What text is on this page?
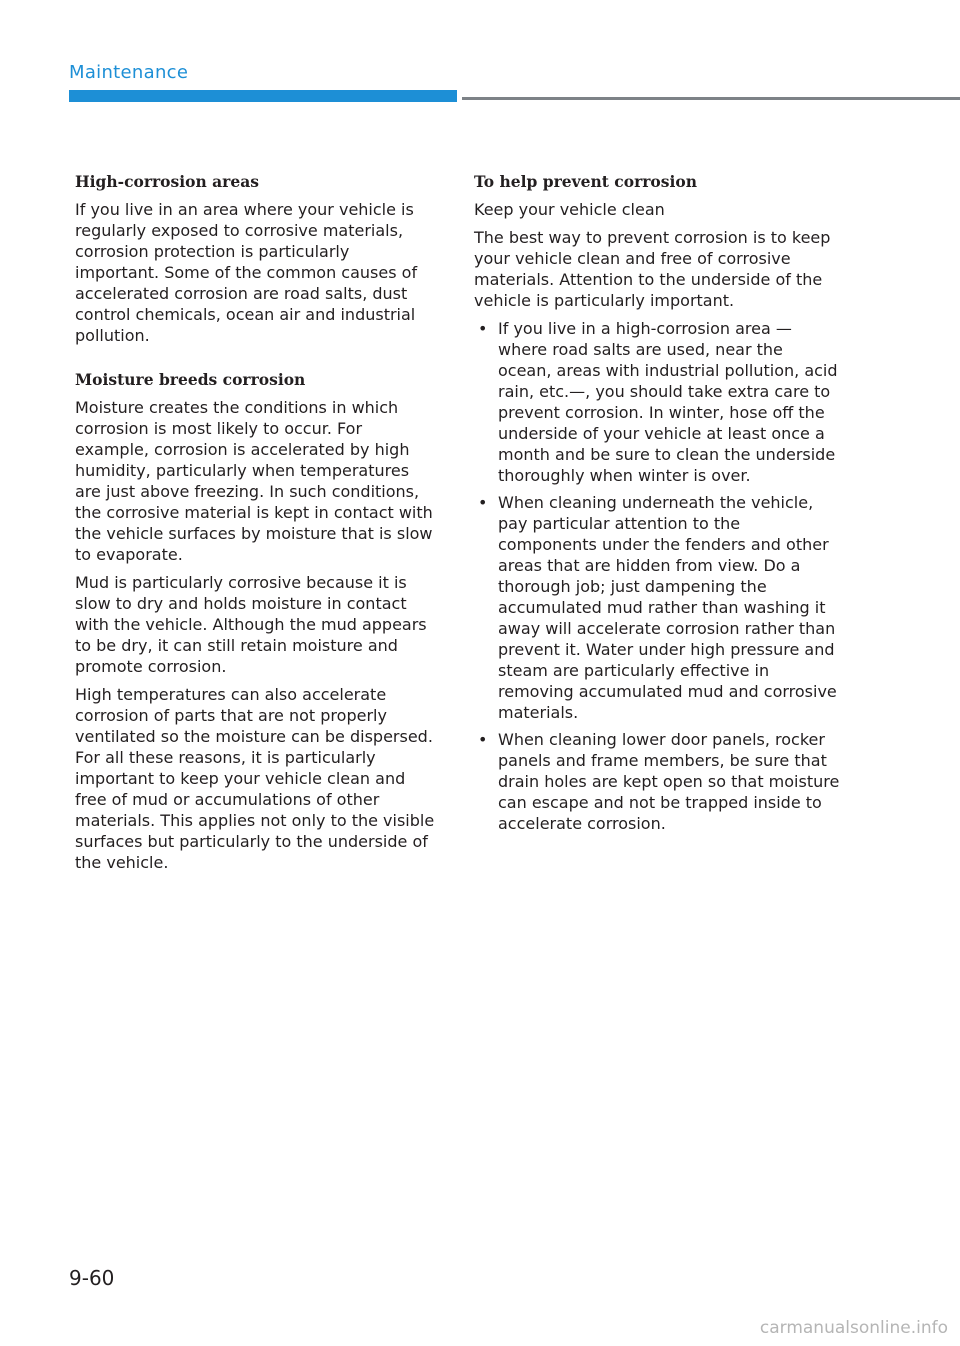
Maintenance
High-corrosion areas

If you live in an area where your vehicle is regularly exposed to corrosive materials, corrosion protection is particularly important. Some of the common causes of accelerated corrosion are road salts, dust control chemicals, ocean air and industrial pollution.

Moisture breeds corrosion

Moisture creates the conditions in which corrosion is most likely to occur. For example, corrosion is accelerated by high humidity, particularly when temperatures are just above freezing. In such conditions, the corrosive material is kept in contact with the vehicle surfaces by moisture that is slow to evaporate.

Mud is particularly corrosive because it is slow to dry and holds moisture in contact with the vehicle. Although the mud appears to be dry, it can still retain moisture and promote corrosion.

High temperatures can also accelerate corrosion of parts that are not properly ventilated so the moisture can be dispersed. For all these reasons, it is particularly important to keep your vehicle clean and free of mud or accumulations of other materials. This applies not only to the visible surfaces but particularly to the underside of the vehicle.

To help prevent corrosion

Keep your vehicle clean

The best way to prevent corrosion is to keep your vehicle clean and free of corrosive materials. Attention to the underside of the vehicle is particularly important.

• If you live in a high-corrosion area — where road salts are used, near the ocean, areas with industrial pollution, acid rain, etc.—, you should take extra care to prevent corrosion. In winter, hose off the underside of your vehicle at least once a month and be sure to clean the underside thoroughly when winter is over.
• When cleaning underneath the vehicle, pay particular attention to the components under the fenders and other areas that are hidden from view. Do a thorough job; just dampening the accumulated mud rather than washing it away will accelerate corrosion rather than prevent it. Water under high pressure and steam are particularly effective in removing accumulated mud and corrosive materials.
• When cleaning lower door panels, rocker panels and frame members, be sure that drain holes are kept open so that moisture can escape and not be trapped inside to accelerate corrosion.
9-60
carmanualsonline.info
